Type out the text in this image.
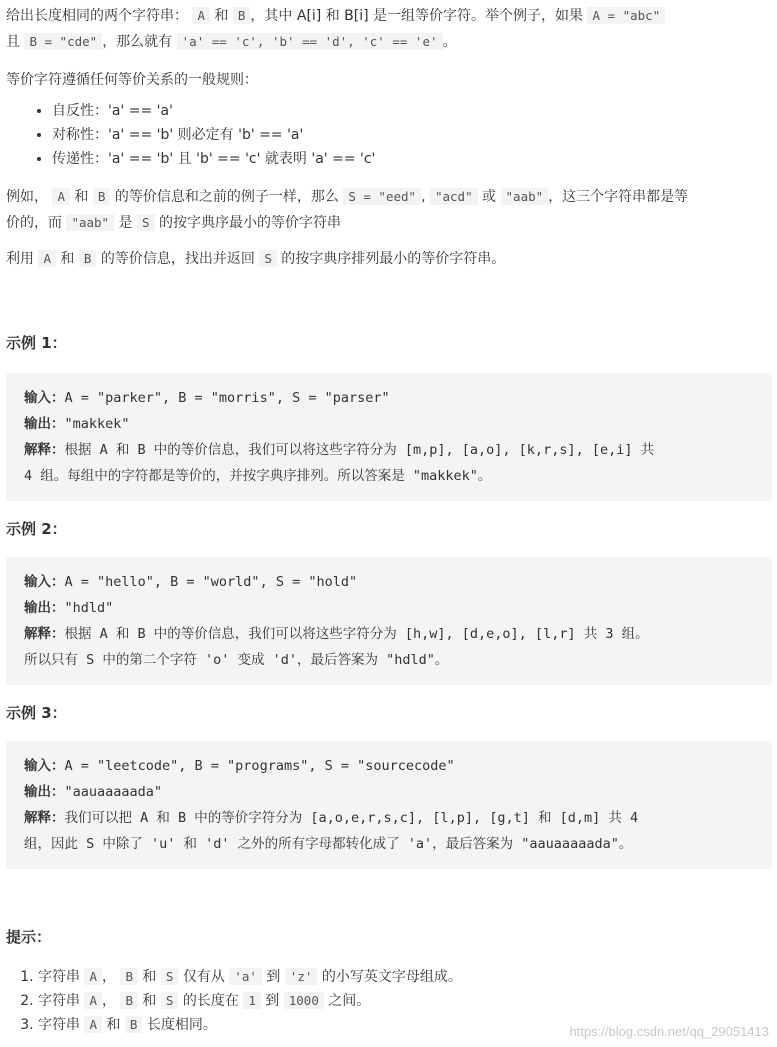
给出长度相同的两个字符串： A 和 B ，其中 A[i] 和 B[i] 是一组等价字符。举个例子，如果 A = "abc"

且 B = "cde" ，那么就有 'a' == 'c', 'b' == 'd', 'c' == 'e' 。

等价字符遵循任何等价关系的一般规则：

• 自反性：'a' == 'a'
• 对称性：'a' == 'b' 则必定有 'b' == 'a'
• 传递性：'a' == 'b' 且 'b' == 'c' 就表明 'a' == 'c'

例如， A 和 B 的等价信息和之前的例子一样，那么 S = "eed" , "acd" 或 "aab" ，这三个字符串都是等

价的，而 "aab" 是 S 的按字典序最小的等价字符串

利用 A 和 B 的等价信息，找出并返回 S 的按字典序排列最小的等价字符串。

示例 1：

输入：A = "parker", B = "morris", S = "parser"
输出："makkek"
解释：根据 A 和 B 中的等价信息，我们可以将这些字符分为 [m,p], [a,o], [k,r,s], [e,i] 共
4 组。每组中的字符都是等价的，并按字典序排列。所以答案是 "makkek"。

示例 2：

输入：A = "hello", B = "world", S = "hold"
输出："hdld"
解释：根据 A 和 B 中的等价信息，我们可以将这些字符分为 [h,w], [d,e,o], [l,r] 共 3 组。
所以只有 S 中的第二个字符 'o' 变成 'd'，最后答案为 "hdld"。

示例 3：

输入：A = "leetcode", B = "programs", S = "sourcecode"
输出："aauaaaaada"
解释：我们可以把 A 和 B 中的等价字符分为 [a,o,e,r,s,c], [l,p], [g,t] 和 [d,m] 共 4
组，因此 S 中除了 'u' 和 'd' 之外的所有字母都转化成了 'a'，最后答案为 "aauaaaaada"。

提示：

1. 字符串 A ， B 和 S 仅有从 'a' 到 'z' 的小写英文字母组成。
2. 字符串 A ， B 和 S 的长度在 1 到 1000 之间。
3. 字符串 A 和 B 长度相同。	https://blog.csdn.net/qq_29051413
